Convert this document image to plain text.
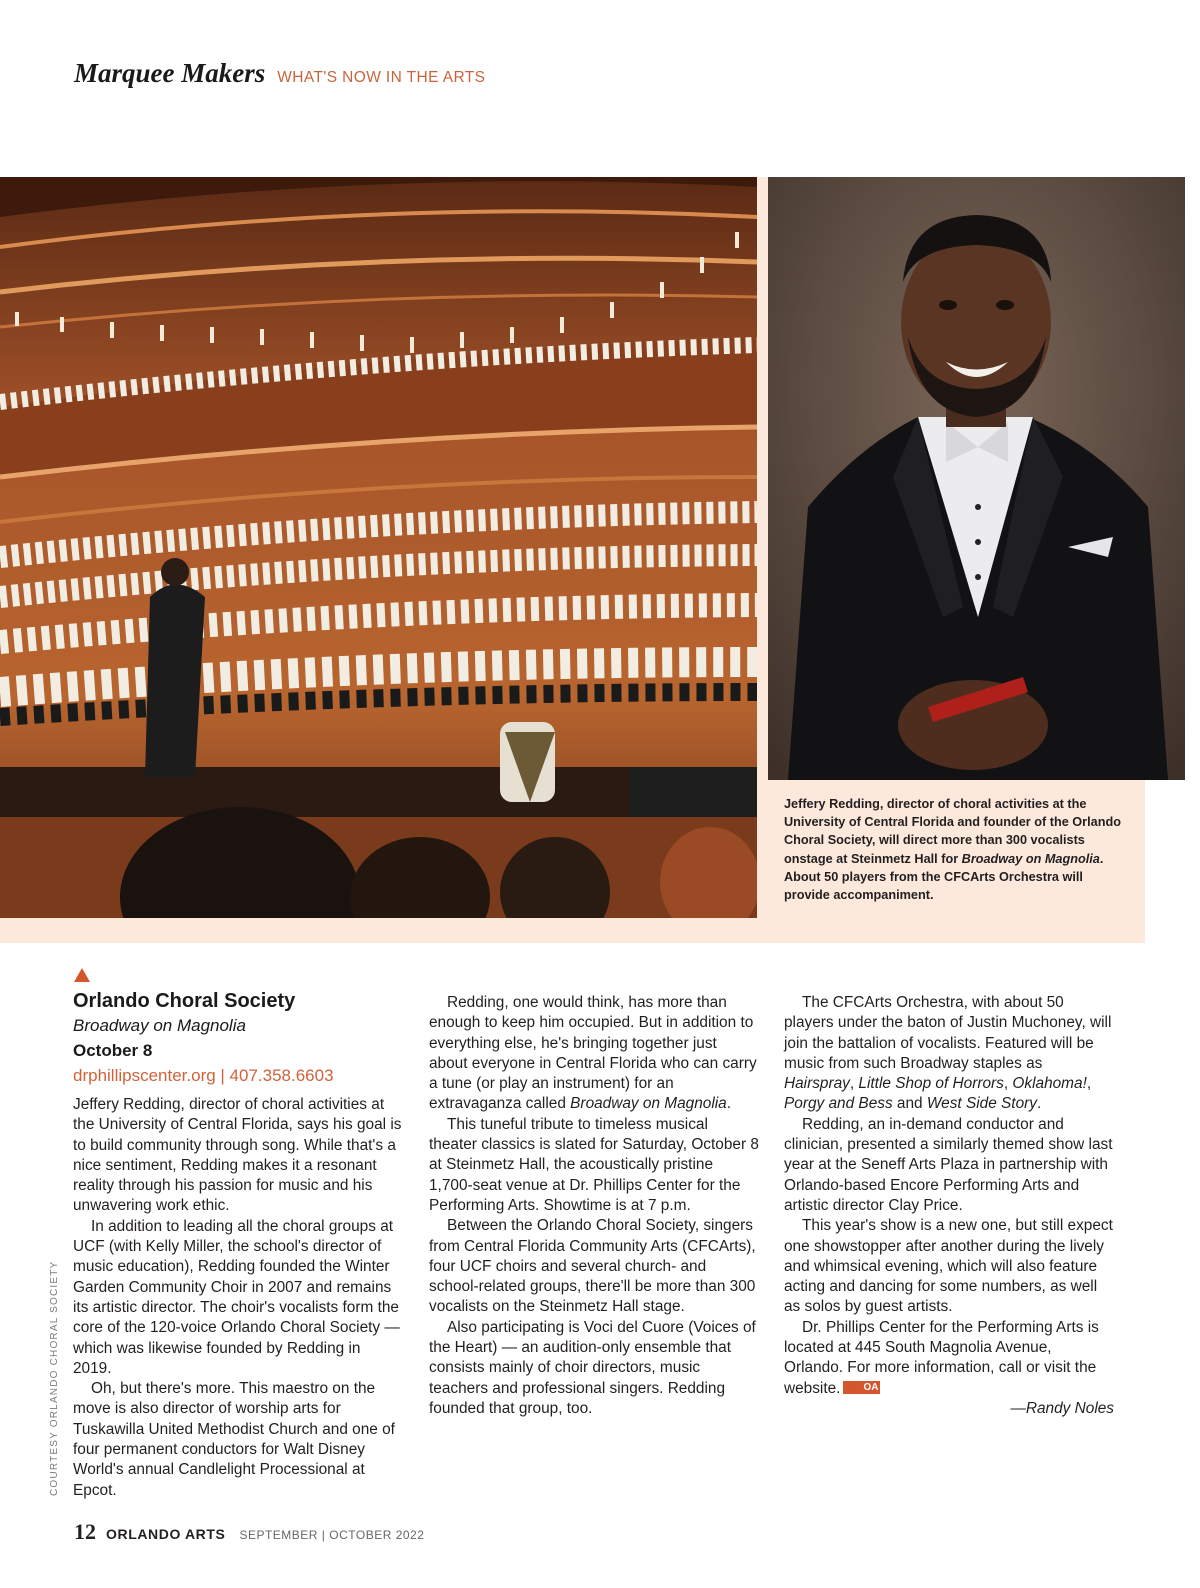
Marquee Makers WHAT'S NOW IN THE ARTS
Jeffery Redding, director of choral activities at the University of Central Florida and founder of the Orlando Choral Society, will direct more than 300 vocalists onstage at Steinmetz Hall for Broadway on Magnolia. About 50 players from the CFCArts Orchestra will provide accompaniment.
COURTESY ORLANDO CHORAL SOCIETY
Orlando Choral Society
Broadway on Magnolia
October 8
drphillipscenter.org | 407.358.6603

Jeffery Redding, director of choral activities at the University of Central Florida, says his goal is to build community through song. While that's a nice sentiment, Redding makes it a resonant reality through his passion for music and his unwavering work ethic.

In addition to leading all the choral groups at UCF (with Kelly Miller, the school's director of music education), Redding founded the Winter Garden Community Choir in 2007 and remains its artistic director. The choir's vocalists form the core of the 120-voice Orlando Choral Society — which was likewise founded by Redding in 2019.

Oh, but there's more. This maestro on the move is also director of worship arts for Tuskawilla United Methodist Church and one of four permanent conductors for Walt Disney World's annual Candlelight Processional at Epcot.

Redding, one would think, has more than enough to keep him occupied. But in addition to everything else, he's bringing together just about everyone in Central Florida who can carry a tune (or play an instrument) for an extravaganza called Broadway on Magnolia.

This tuneful tribute to timeless musical theater classics is slated for Saturday, October 8 at Steinmetz Hall, the acoustically pristine 1,700-seat venue at Dr. Phillips Center for the Performing Arts. Showtime is at 7 p.m.

Between the Orlando Choral Society, singers from Central Florida Community Arts (CFCArts), four UCF choirs and several church- and school-related groups, there'll be more than 300 vocalists on the Steinmetz Hall stage.

Also participating is Voci del Cuore (Voices of the Heart) — an audition-only ensemble that consists mainly of choir directors, music teachers and professional singers. Redding founded that group, too.

The CFCArts Orchestra, with about 50 players under the baton of Justin Muchoney, will join the battalion of vocalists. Featured will be music from such Broadway staples as Hairspray, Little Shop of Horrors, Oklahoma!, Porgy and Bess and West Side Story.

Redding, an in-demand conductor and clinician, presented a similarly themed show last year at the Seneff Arts Plaza in partnership with Orlando-based Encore Performing Arts and artistic director Clay Price.

This year's show is a new one, but still expect one showstopper after another during the lively and whimsical evening, which will also feature acting and dancing for some numbers, as well as solos by guest artists.

Dr. Phillips Center for the Performing Arts is located at 445 South Magnolia Avenue, Orlando. For more information, call or visit the website. OA

—Randy Noles

12 ORLANDO ARTS SEPTEMBER | OCTOBER 2022
